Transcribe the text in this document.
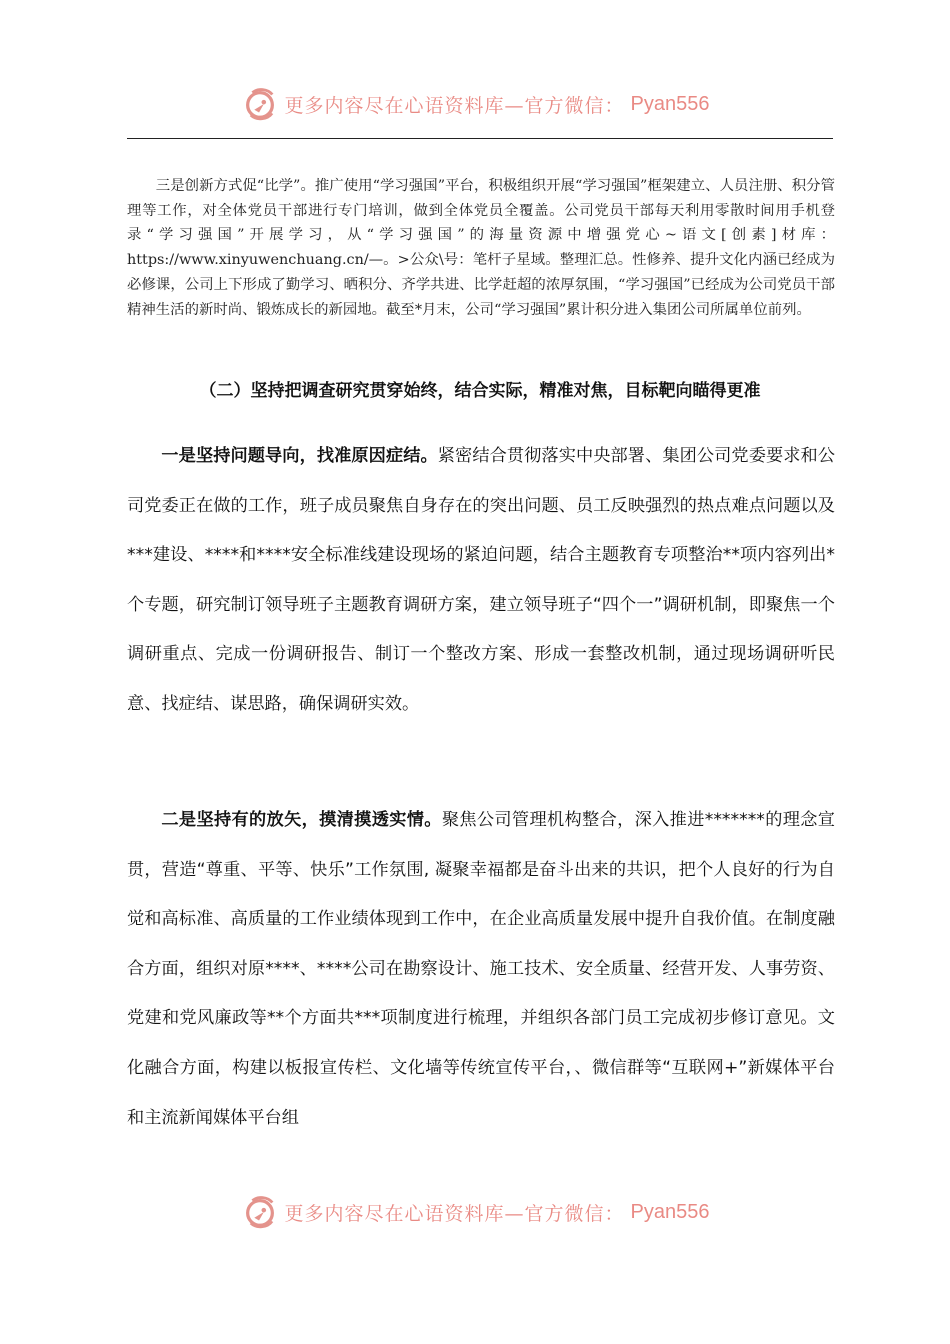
更多内容尽在心语资料库—官方微信： Pyan556

三是创新方式促“比学”。推广使用“学习强国”平台，积极组织开展“学习强国”框架建立、人员注册、积分管理等工作，对全体党员干部进行专门培训，做到全体党员全覆盖。公司党员干部每天利用零散时间用手机登录“学习强国”开展学习，从“学习强国”的海量资源中增强党心~语文[创素]材库：https://www.xinyuwenchuang.cn/—。>公众\号：笔杆子星域。整理汇总。性修养、提升文化内涵已经成为必修课，公司上下形成了勤学习、晒积分、齐学共进、比学赶超的浓厚氛围，“学习强国”已经成为公司党员干部精神生活的新时尚、锻炼成长的新园地。截至*月末，公司“学习强国”累计积分进入集团公司所属单位前列。

（二）坚持把调查研究贯穿始终，结合实际，精准对焦，目标靶向瞄得更准

一是坚持问题导向，找准原因症结。紧密结合贯彻落实中央部署、集团公司党委要求和公司党委正在做的工作，班子成员聚焦自身存在的突出问题、员工反映强烈的热点难点问题以及***建设、****和****安全标准线建设现场的紧迫问题，结合主题教育专项整治**项内容列出*个专题，研究制订领导班子主题教育调研方案，建立领导班子“四个一”调研机制，即聚焦一个调研重点、完成一份调研报告、制订一个整改方案、形成一套整改机制，通过现场调研听民意、找症结、谋思路，确保调研实效。

二是坚持有的放矢，摸清摸透实情。聚焦公司管理机构整合，深入推进*******的理念宣贯，营造“尊重、平等、快乐”工作氛围, 凝聚幸福都是奋斗出来的共识，把个人良好的行为自觉和高标准、高质量的工作业绩体现到工作中，在企业高质量发展中提升自我价值。在制度融合方面，组织对原****、****公司在勘察设计、施工技术、安全质量、经营开发、人事劳资、党建和党风廉政等**个方面共***项制度进行梳理，并组织各部门员工完成初步修订意见。文化融合方面，构建以板报宣传栏、文化墙等传统宣传平台，、微信群等“互联网+”新媒体平台和主流新闻媒体平台组

更多内容尽在心语资料库—官方微信： Pyan556
